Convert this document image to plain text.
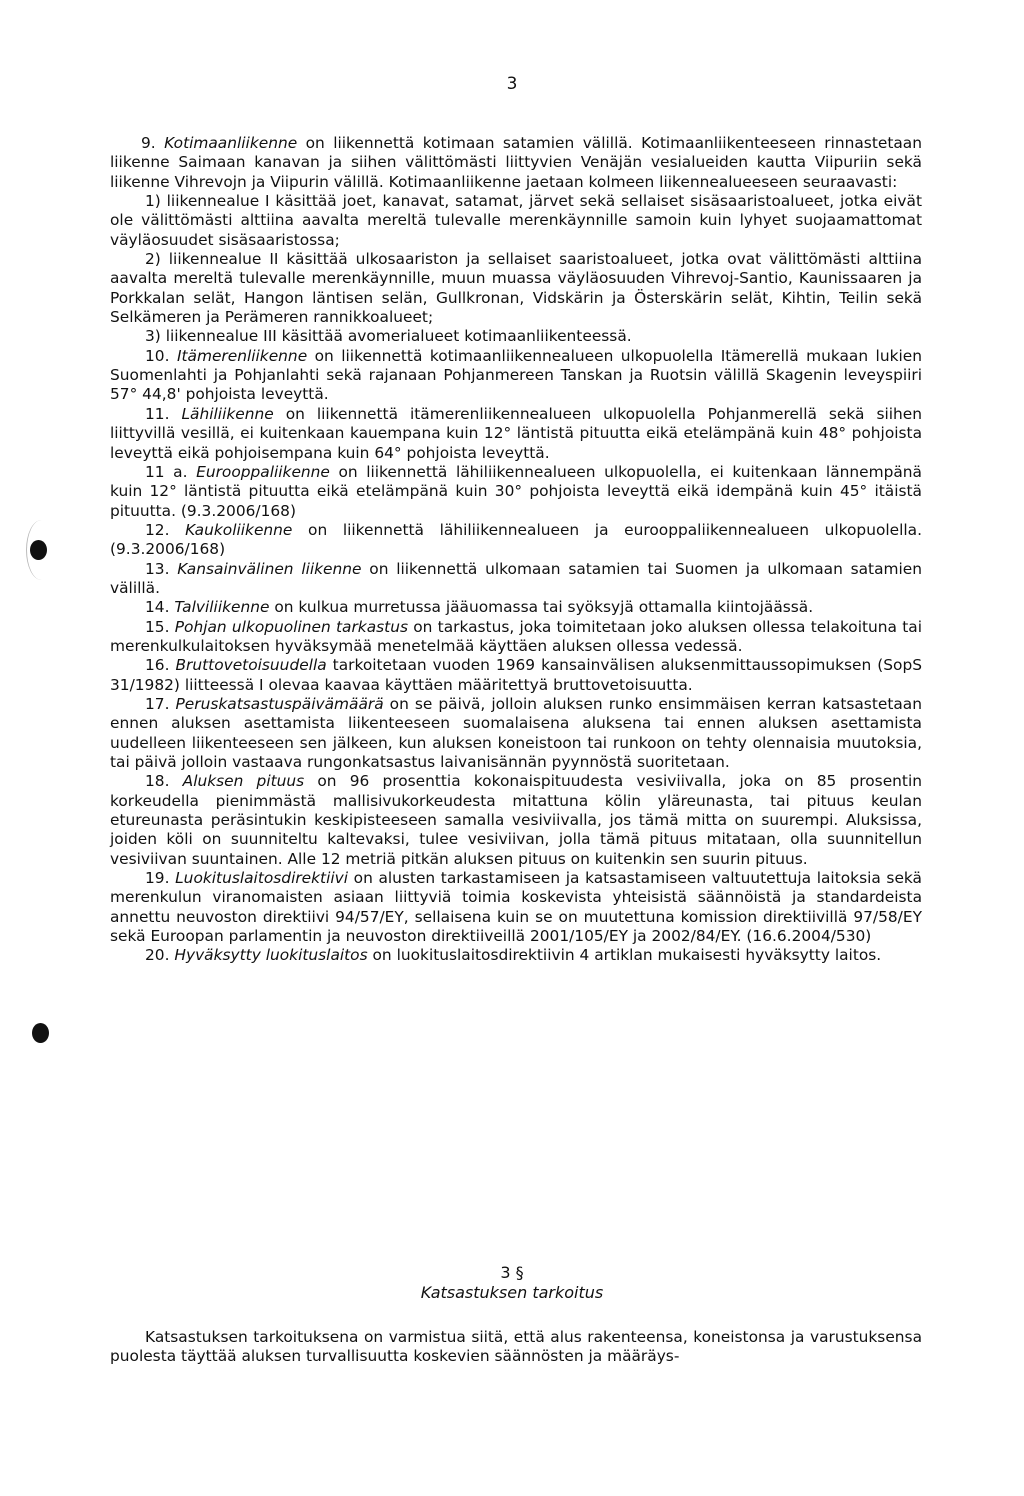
3

9. Kotimaanliikenne on liikennettä kotimaan satamien välillä. Kotimaanliikenteeseen rinnastetaan liikenne Saimaan kanavan ja siihen välittömästi liittyvien Venäjän vesialueiden kautta Viipuriin sekä liikenne Vihrevojn ja Viipurin välillä. Kotimaanliikenne jaetaan kolmeen liikennealueeseen seuraavasti:

1) liikennealue I käsittää joet, kanavat, satamat, järvet sekä sellaiset sisäsaaristoalueet, jotka eivät ole välittömästi alttiina aavalta mereltä tulevalle merenkäynnille samoin kuin lyhyet suojaamattomat väyläosuudet sisäsaaristossa;

2) liikennealue II käsittää ulkosaariston ja sellaiset saaristoalueet, jotka ovat välittömästi alttiina aavalta mereltä tulevalle merenkäynnille, muun muassa väyläosuuden Vihrevoj-Santio, Kaunissaaren ja Porkkalan selät, Hangon läntisen selän, Gullkronan, Vidskärin ja Österskärin selät, Kihtin, Teilin sekä Selkämeren ja Perämeren rannikkoalueet;

3) liikennealue III käsittää avomerialueet kotimaanliikenteessä.

10. Itämerenliikenne on liikennettä kotimaanliikennealueen ulkopuolella Itämerellä mukaan lukien Suomenlahti ja Pohjanlahti sekä rajanaan Pohjanmereen Tanskan ja Ruotsin välillä Skagenin leveyspiiri 57° 44,8' pohjoista leveyttä.

11. Lähiliikenne on liikennettä itämerenliikennealueen ulkopuolella Pohjanmerellä sekä siihen liittyvillä vesillä, ei kuitenkaan kauempana kuin 12° läntistä pituutta eikä etelämpänä kuin 48° pohjoista leveyttä eikä pohjoisempana kuin 64° pohjoista leveyttä.

11 a. Eurooppaliikenne on liikennettä lähiliikennealueen ulkopuolella, ei kuitenkaan lännempänä kuin 12° läntistä pituutta eikä etelämpänä kuin 30° pohjoista leveyttä eikä idempänä kuin 45° itäistä pituutta. (9.3.2006/168)

12. Kaukoliikenne on liikennettä lähiliikennealueen ja eurooppaliikennealueen ulkopuolella. (9.3.2006/168)

13. Kansainvälinen liikenne on liikennettä ulkomaan satamien tai Suomen ja ulkomaan satamien välillä.

14. Talviliikenne on kulkua murretussa jääuomassa tai syöksyjä ottamalla kiintojäässä.

15. Pohjan ulkopuolinen tarkastus on tarkastus, joka toimitetaan joko aluksen ollessa telakoituna tai merenkulkulaitoksen hyväksymää menetelmää käyttäen aluksen ollessa vedessä.

16. Bruttovetoisuudella tarkoitetaan vuoden 1969 kansainvälisen aluksenmittaussopimuksen (SopS 31/1982) liitteessä I olevaa kaavaa käyttäen määritettyä bruttovetoisuutta.

17. Peruskatsastuspäivämäärä on se päivä, jolloin aluksen runko ensimmäisen kerran katsastetaan ennen aluksen asettamista liikenteeseen suomalaisena aluksena tai ennen aluksen asettamista uudelleen liikenteeseen sen jälkeen, kun aluksen koneistoon tai runkoon on tehty olennaisia muutoksia, tai päivä jolloin vastaava rungonkatsastus laivanisännän pyynnöstä suoritetaan.

18. Aluksen pituus on 96 prosenttia kokonaispituudesta vesiviivalla, joka on 85 prosentin korkeudella pienimmästä mallisivukorkeudesta mitattuna kölin yläreunasta, tai pituus keulan etureunasta peräsintukin keskipisteeseen samalla vesiviivalla, jos tämä mitta on suurempi. Aluksissa, joiden köli on suunniteltu kaltevaksi, tulee vesiviivan, jolla tämä pituus mitataan, olla suunnitellun vesiviivan suuntainen. Alle 12 metriä pitkän aluksen pituus on kuitenkin sen suurin pituus.

19. Luokituslaitosdirektiivi on alusten tarkastamiseen ja katsastamiseen valtuutettuja laitoksia sekä merenkulun viranomaisten asiaan liittyviä toimia koskevista yhteisistä säännöistä ja standardeista annettu neuvoston direktiivi 94/57/EY, sellaisena kuin se on muutettuna komission direktiivillä 97/58/EY sekä Euroopan parlamentin ja neuvoston direktiiveillä 2001/105/EY ja 2002/84/EY. (16.6.2004/530)

20. Hyväksytty luokituslaitos on luokituslaitosdirektiivin 4 artiklan mukaisesti hyväksytty laitos.

3 §
Katsastuksen tarkoitus

Katsastuksen tarkoituksena on varmistua siitä, että alus rakenteensa, koneistonsa ja varustuksensa puolesta täyttää aluksen turvallisuutta koskevien säännösten ja määräys-
